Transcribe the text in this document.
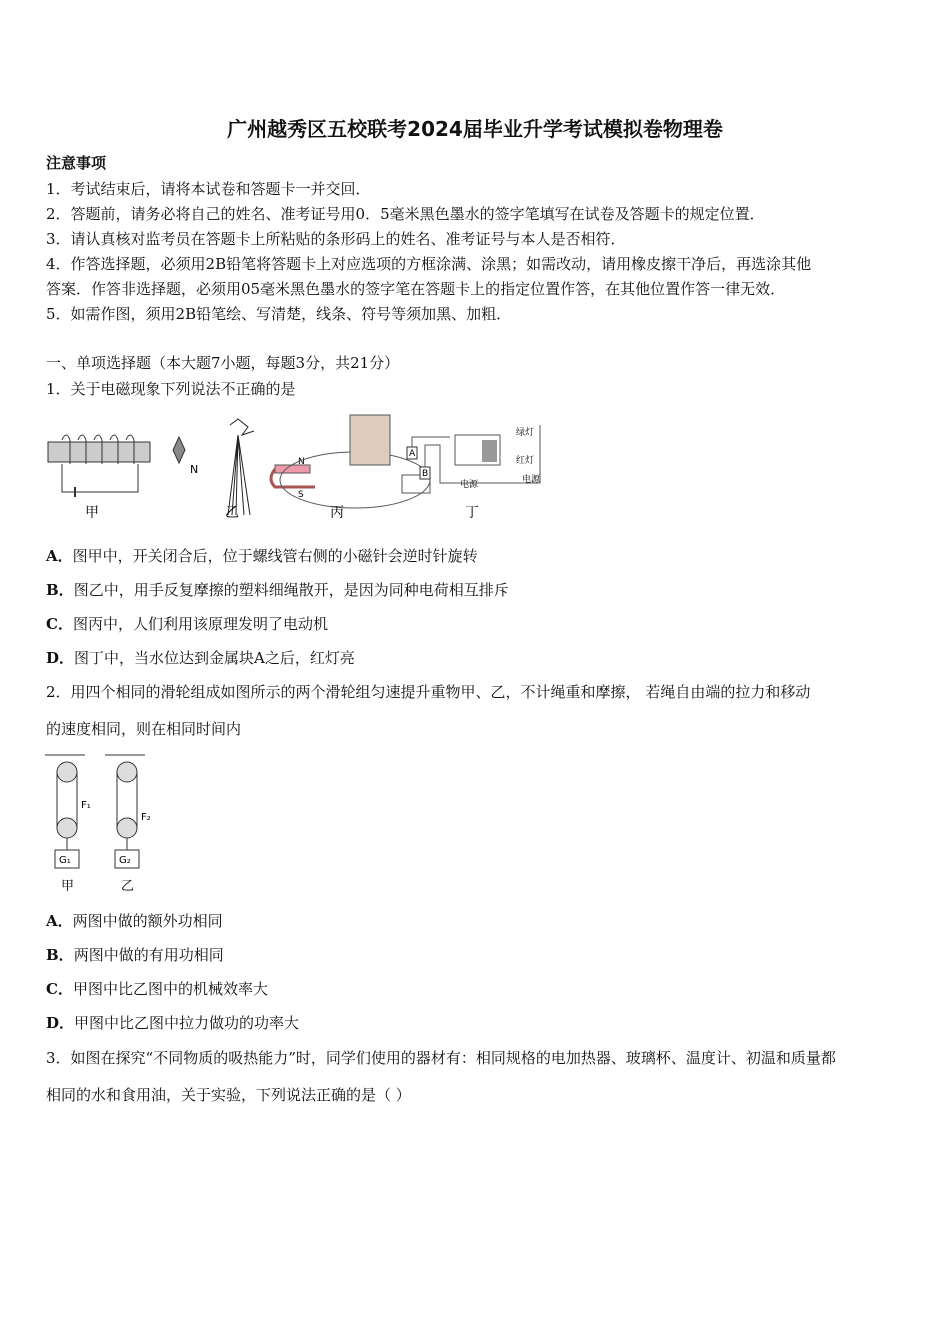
广州越秀区五校联考2024届毕业升学考试模拟卷物理卷
注意事项
1．考试结束后，请将本试卷和答题卡一并交回．
2．答题前，请务必将自己的姓名、准考证号用0．5毫米黑色墨水的签字笔填写在试卷及答题卡的规定位置．
3．请认真核对监考员在答题卡上所粘贴的条形码上的姓名、准考证号与本人是否相符．
4．作答选择题，必须用2B铅笔将答题卡上对应选项的方框涂满、涂黑；如需改动，请用橡皮擦干净后，再选涂其他
答案．作答非选择题，必须用05毫米黑色墨水的签字笔在答题卡上的指定位置作答，在其他位置作答一律无效．
5．如需作图，须用2B铅笔绘、写清楚，线条、符号等须加黑、加粗．
一、单项选择题（本大题7小题，每题3分，共21分）
1．关于电磁现象下列说法不正确的是
甲
N
乙
N
S
丙
A
B
电源	电源
绿灯
红灯
丁
A．图甲中，开关闭合后，位于螺线管右侧的小磁针会逆时针旋转
B．图乙中，用手反复摩擦的塑料细绳散开，是因为同种电荷相互排斥
C．图丙中，人们利用该原理发明了电动机
D．图丁中，当水位达到金属块A之后，红灯亮
2．用四个相同的滑轮组成如图所示的两个滑轮组匀速提升重物甲、乙，不计绳重和摩擦， 若绳自由端的拉力和移动
的速度相同，则在相同时间内
G₁	G₂
F₁
F₂
甲	乙
A．两图中做的额外功相同
B．两图中做的有用功相同
C．甲图中比乙图中的机械效率大
D．甲图中比乙图中拉力做功的功率大
3．如图在探究“不同物质的吸热能力”时，同学们使用的器材有：相同规格的电加热器、玻璃杯、温度计、初温和质量都
相同的水和食用油，关于实验，下列说法正确的是（ ）
